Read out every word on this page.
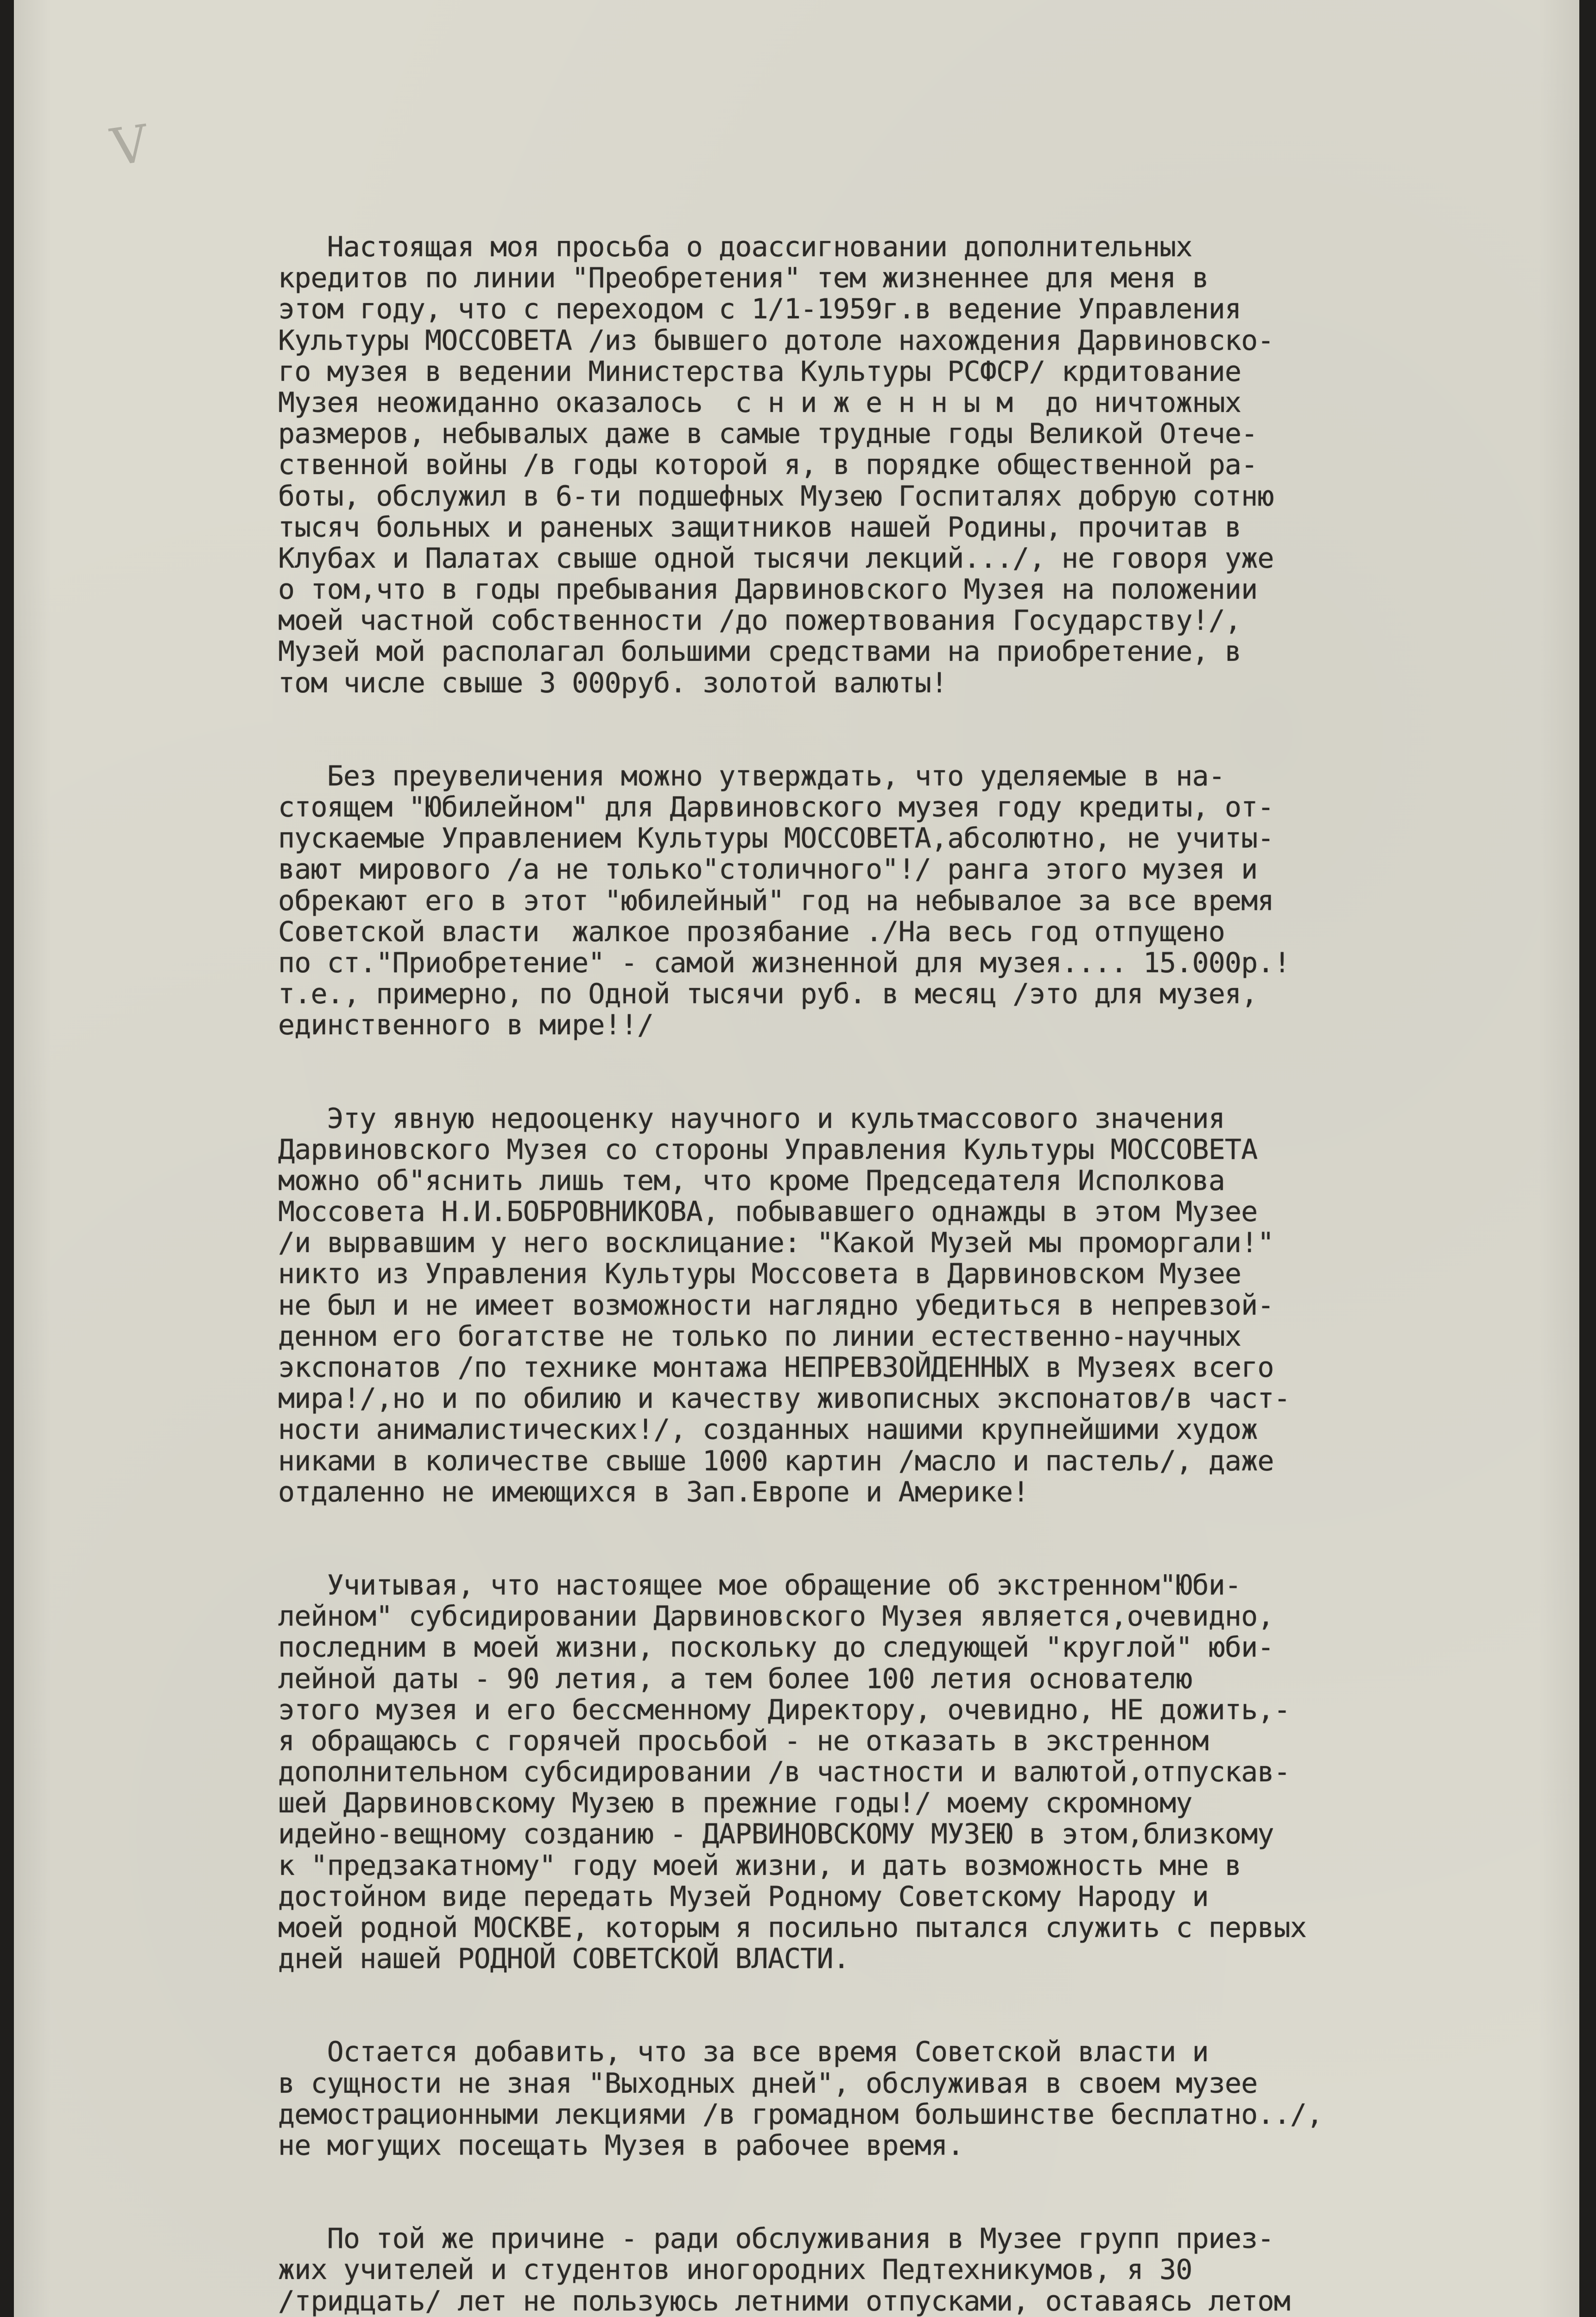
V
Настоящая моя просьба о доассигновании дополнительных
кредитов по линии "Преобретения" тем жизненнее для меня в
этом году, что с переходом с 1/1-1959г.в ведение Управления
Культуры МОССОВЕТА /из бывшего дотоле нахождения Дарвиновско-
го музея в ведении Министерства Культуры РСФСР/ крдитование
Музея неожиданно оказалось  с н и ж е н н ы м  до ничтожных
размеров, небывалых даже в самые трудные годы Великой Отече-
ственной войны /в годы которой я, в порядке общественной ра-
боты, обслужил в 6-ти подшефных Музею Госпиталях добрую сотню
тысяч больных и раненых защитников нашей Родины, прочитав в
Клубах и Палатах свыше одной тысячи лекций.../, не говоря уже
о том,что в годы пребывания Дарвиновского Музея на положении
моей частной собственности /до пожертвования Государству!/,
Музей мой располагал большими средствами на приобретение, в
том числе свыше 3 000руб. золотой валюты!
Без преувеличения можно утверждать, что уделяемые в на-
стоящем "Юбилейном" для Дарвиновского музея году кредиты, от-
пускаемые Управлением Культуры МОССОВЕТА,абсолютно, не учиты-
вают мирового /а не только"столичного"!/ ранга этого музея и
обрекают его в этот "юбилейный" год на небывалое за все время
Советской власти  жалкое прозябание ./На весь год отпущено
по ст."Приобретение" - самой жизненной для музея.... 15.000р.!
т.е., примерно, по Одной тысячи руб. в месяц /это для музея,
единственного в мире!!/
Эту явную недооценку научного и культмассового значения
Дарвиновского Музея со стороны Управления Культуры МОССОВЕТА
можно об"яснить лишь тем, что кроме Председателя Исполкова
Моссовета Н.И.БОБРОВНИКОВА, побывавшего однажды в этом Музее
/и вырвавшим у него восклицание: "Какой Музей мы проморгали!"
никто из Управления Культуры Моссовета в Дарвиновском Музее
не был и не имеет возможности наглядно убедиться в непревзой-
денном его богатстве не только по линии естественно-научных
экспонатов /по технике монтажа НЕПРЕВЗОЙДЕННЫХ в Музеях всего
мира!/,но и по обилию и качеству живописных экспонатов/в част-
ности анималистических!/, созданных нашими крупнейшими худож
никами в количестве свыше 1000 картин /масло и пастель/, даже
отдаленно не имеющихся в Зап.Европе и Америке!
Учитывая, что настоящее мое обращение об экстренном"Юби-
лейном" субсидировании Дарвиновского Музея является,очевидно,
последним в моей жизни, поскольку до следующей "круглой" юби-
лейной даты - 90 летия, а тем более 100 летия основателю
этого музея и его бессменному Директору, очевидно, НЕ дожить,-
я обращаюсь с горячей просьбой - не отказать в экстренном
дополнительном субсидировании /в частности и валютой,отпускав-
шей Дарвиновскому Музею в прежние годы!/ моему скромному
идейно-вещному созданию - ДАРВИНОВСКОМУ МУЗЕЮ в этом,близкому
к "предзакатному" году моей жизни, и дать возможность мне в
достойном виде передать Музей Родному Советскому Народу и
моей родной МОСКВЕ, которым я посильно пытался служить с первых
дней нашей РОДНОЙ СОВЕТСКОЙ ВЛАСТИ.
Остается добавить, что за все время Советской власти и
в сущности не зная "Выходных дней", обслуживая в своем музее
демострационными лекциями /в громадном большинстве бесплатно../,
не могущих посещать Музея в рабочее время.
По той же причине - ради обслуживания в Музее групп приез-
жих учителей и студентов иногородних Педтехникумов, я 30
/тридцать/ лет не пользуюсь летними отпусками, оставаясь летом
